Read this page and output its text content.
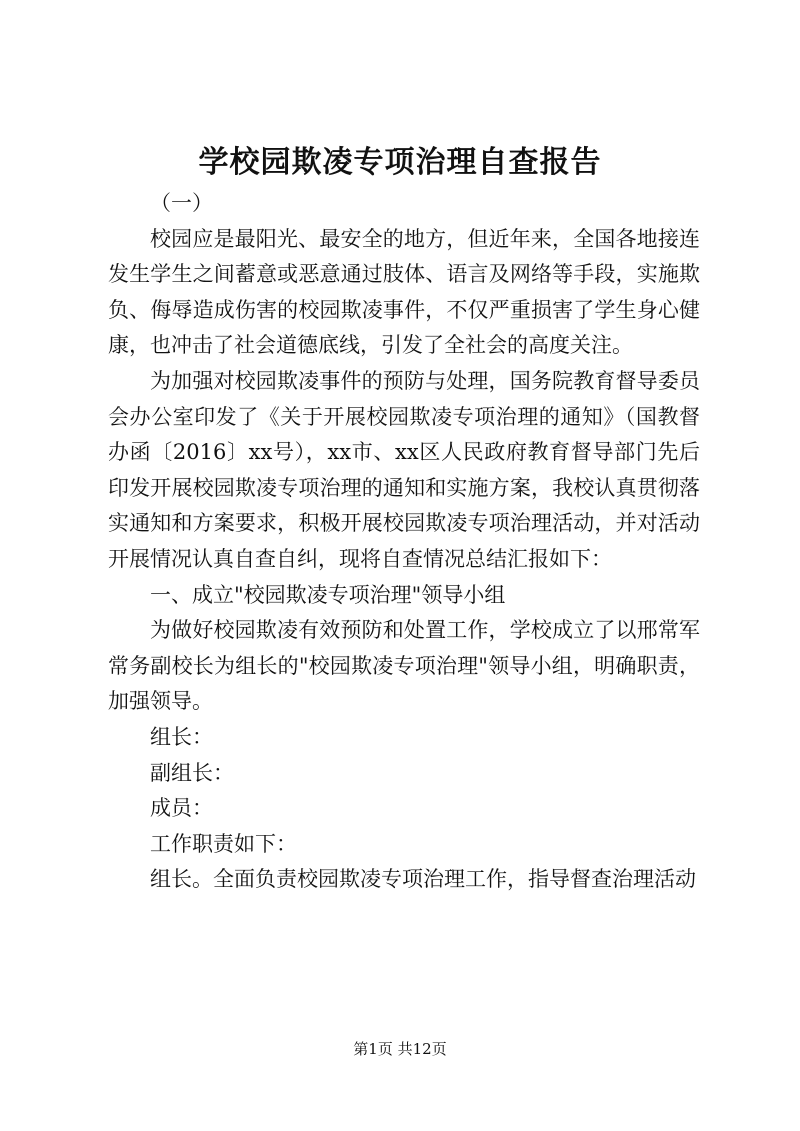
学校园欺凌专项治理自查报告

（一）

校园应是最阳光、最安全的地方，但近年来，全国各地接连发生学生之间蓄意或恶意通过肢体、语言及网络等手段，实施欺负、侮辱造成伤害的校园欺凌事件，不仅严重损害了学生身心健康，也冲击了社会道德底线，引发了全社会的高度关注。

为加强对校园欺凌事件的预防与处理，国务院教育督导委员会办公室印发了《关于开展校园欺凌专项治理的通知》（国教督办函〔2016〕xx号），xx市、xx区人民政府教育督导部门先后印发开展校园欺凌专项治理的通知和实施方案，我校认真贯彻落实通知和方案要求，积极开展校园欺凌专项治理活动，并对活动开展情况认真自查自纠，现将自查情况总结汇报如下：

一、成立"校园欺凌专项治理"领导小组

为做好校园欺凌有效预防和处置工作，学校成立了以邢常军常务副校长为组长的"校园欺凌专项治理"领导小组，明确职责，加强领导。

组长：

副组长：

成员：

工作职责如下：

组长。全面负责校园欺凌专项治理工作，指导督查治理活动

第1页 共12页
